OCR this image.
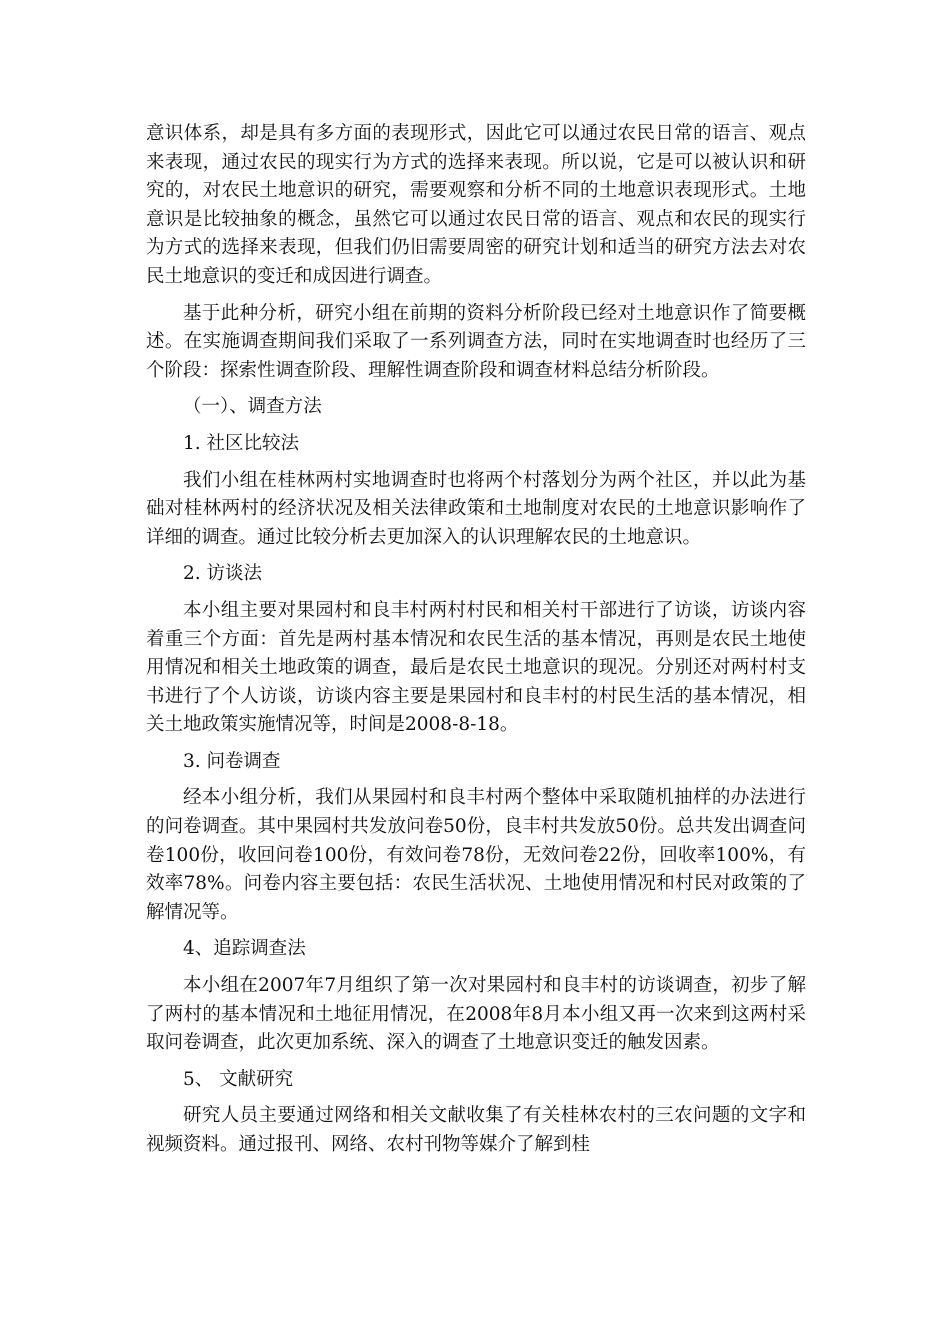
意识体系，却是具有多方面的表现形式，因此它可以通过农民日常的语言、观点来表现，通过农民的现实行为方式的选择来表现。所以说，它是可以被认识和研究的，对农民土地意识的研究，需要观察和分析不同的土地意识表现形式。土地意识是比较抽象的概念，虽然它可以通过农民日常的语言、观点和农民的现实行为方式的选择来表现，但我们仍旧需要周密的研究计划和适当的研究方法去对农民土地意识的变迁和成因进行调查。

基于此种分析，研究小组在前期的资料分析阶段已经对土地意识作了简要概述。在实施调查期间我们采取了一系列调查方法，同时在实地调查时也经历了三个阶段：探索性调查阶段、理解性调查阶段和调查材料总结分析阶段。

（一）、调查方法

1. 社区比较法

我们小组在桂林两村实地调查时也将两个村落划分为两个社区，并以此为基础对桂林两村的经济状况及相关法律政策和土地制度对农民的土地意识影响作了详细的调查。通过比较分析去更加深入的认识理解农民的土地意识。

2. 访谈法

本小组主要对果园村和良丰村两村村民和相关村干部进行了访谈，访谈内容着重三个方面：首先是两村基本情况和农民生活的基本情况，再则是农民土地使用情况和相关土地政策的调查，最后是农民土地意识的现况。分别还对两村村支书进行了个人访谈，访谈内容主要是果园村和良丰村的村民生活的基本情况，相关土地政策实施情况等，时间是2008-8-18。

3. 问卷调查

经本小组分析，我们从果园村和良丰村两个整体中采取随机抽样的办法进行的问卷调查。其中果园村共发放问卷50份，良丰村共发放50份。总共发出调查问卷100份，收回问卷100份，有效问卷78份，无效问卷22份，回收率100%，有效率78%。问卷内容主要包括：农民生活状况、土地使用情况和村民对政策的了解情况等。

4、追踪调查法

本小组在2007年7月组织了第一次对果园村和良丰村的访谈调查，初步了解了两村的基本情况和土地征用情况，在2008年8月本小组又再一次来到这两村采取问卷调查，此次更加系统、深入的调查了土地意识变迁的触发因素。

5、 文献研究

研究人员主要通过网络和相关文献收集了有关桂林农村的三农问题的文字和视频资料。通过报刊、网络、农村刊物等媒介了解到桂
